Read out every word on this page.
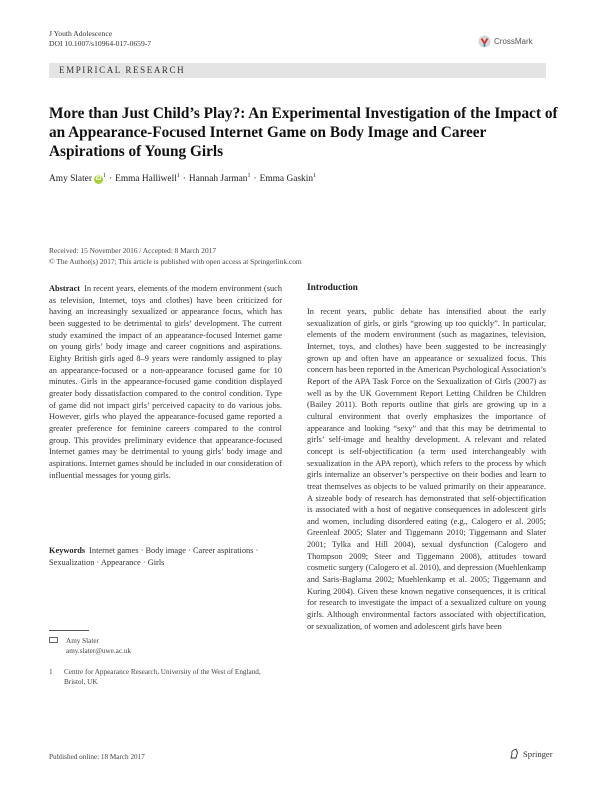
J Youth Adolescence
DOI 10.1007/s10964-017-0659-7	CrossMark
EMPIRICAL RESEARCH
More than Just Child’s Play?: An Experimental Investigation of the Impact of an Appearance-Focused Internet Game on Body Image and Career Aspirations of Young Girls
Amy Slater $iD^1$ · Emma Halliwell$^1$ · Hannah Jarman$^1$ · Emma Gaskin$^1$
Received: 15 November 2016 / Accepted: 8 March 2017
© The Author(s) 2017; This article is published with open access at Springerlink.com
Abstract In recent years, elements of the modern environment (such as television, Internet, toys and clothes) have been criticized for having an increasingly sexualized or appearance focus, which has been suggested to be detrimental to girls’ development. The current study examined the impact of an appearance-focused Internet game on young girls’ body image and career cognitions and aspirations. Eighty British girls aged 8–9 years were randomly assigned to play an appearance-focused or a non-appearance focused game for 10 minutes. Girls in the appearance-focused game condition displayed greater body dissatisfaction compared to the control condition. Type of game did not impact girls’ perceived capacity to do various jobs. However, girls who played the appearance-focused game reported a greater preference for feminine careers compared to the control group. This provides preliminary evidence that appearance-focused Internet games may be detrimental to young girls’ body image and aspirations. Internet games should be included in our consideration of influential messages for young girls.
Keywords Internet games · Body image · Career aspirations · Sexualization · Appearance · Girls
Amy Slater
amy.slater@uwe.ac.uk
1	Centre for Appearance Research, University of the West of England, Bristol, UK
Introduction
In recent years, public debate has intensified about the early sexualization of girls, or girls “growing up too quickly”. In particular, elements of the modern environment (such as magazines, television, Internet, toys, and clothes) have been suggested to be increasingly grown up and often have an appearance or sexualized focus. This concern has been reported in the American Psychological Association’s Report of the APA Task Force on the Sexualization of Girls (2007) as well as by the UK Government Report Letting Children be Children (Bailey 2011). Both reports outline that girls are growing up in a cultural environment that overly emphasizes the importance of appearance and looking “sexy” and that this may be detrimental to girls’ self-image and healthy development. A relevant and related concept is self-objectification (a term used interchangeably with sexualization in the APA report), which refers to the process by which girls internalize an observer’s perspective on their bodies and learn to treat themselves as objects to be valued primarily on their appearance. A sizeable body of research has demonstrated that self-objectification is associated with a host of negative consequences in adolescent girls and women, including disordered eating (e.g., Calogero et al. 2005; Greenleaf 2005; Slater and Tiggemann 2010; Tiggemann and Slater 2001; Tylka and Hill 2004), sexual dysfunction (Calogero and Thompson 2009; Steer and Tiggemann 2008), attitudes toward cosmetic surgery (Calogero et al. 2010), and depression (Muehlenkamp and Saris-Baglama 2002; Muehlenkamp et al. 2005; Tiggemann and Kuring 2004). Given these known negative consequences, it is critical for research to investigate the impact of a sexualized culture on young girls. Although environmental factors associated with objectification, or sexualization, of women and adolescent girls have been
Published online: 18 March 2017	Springer
